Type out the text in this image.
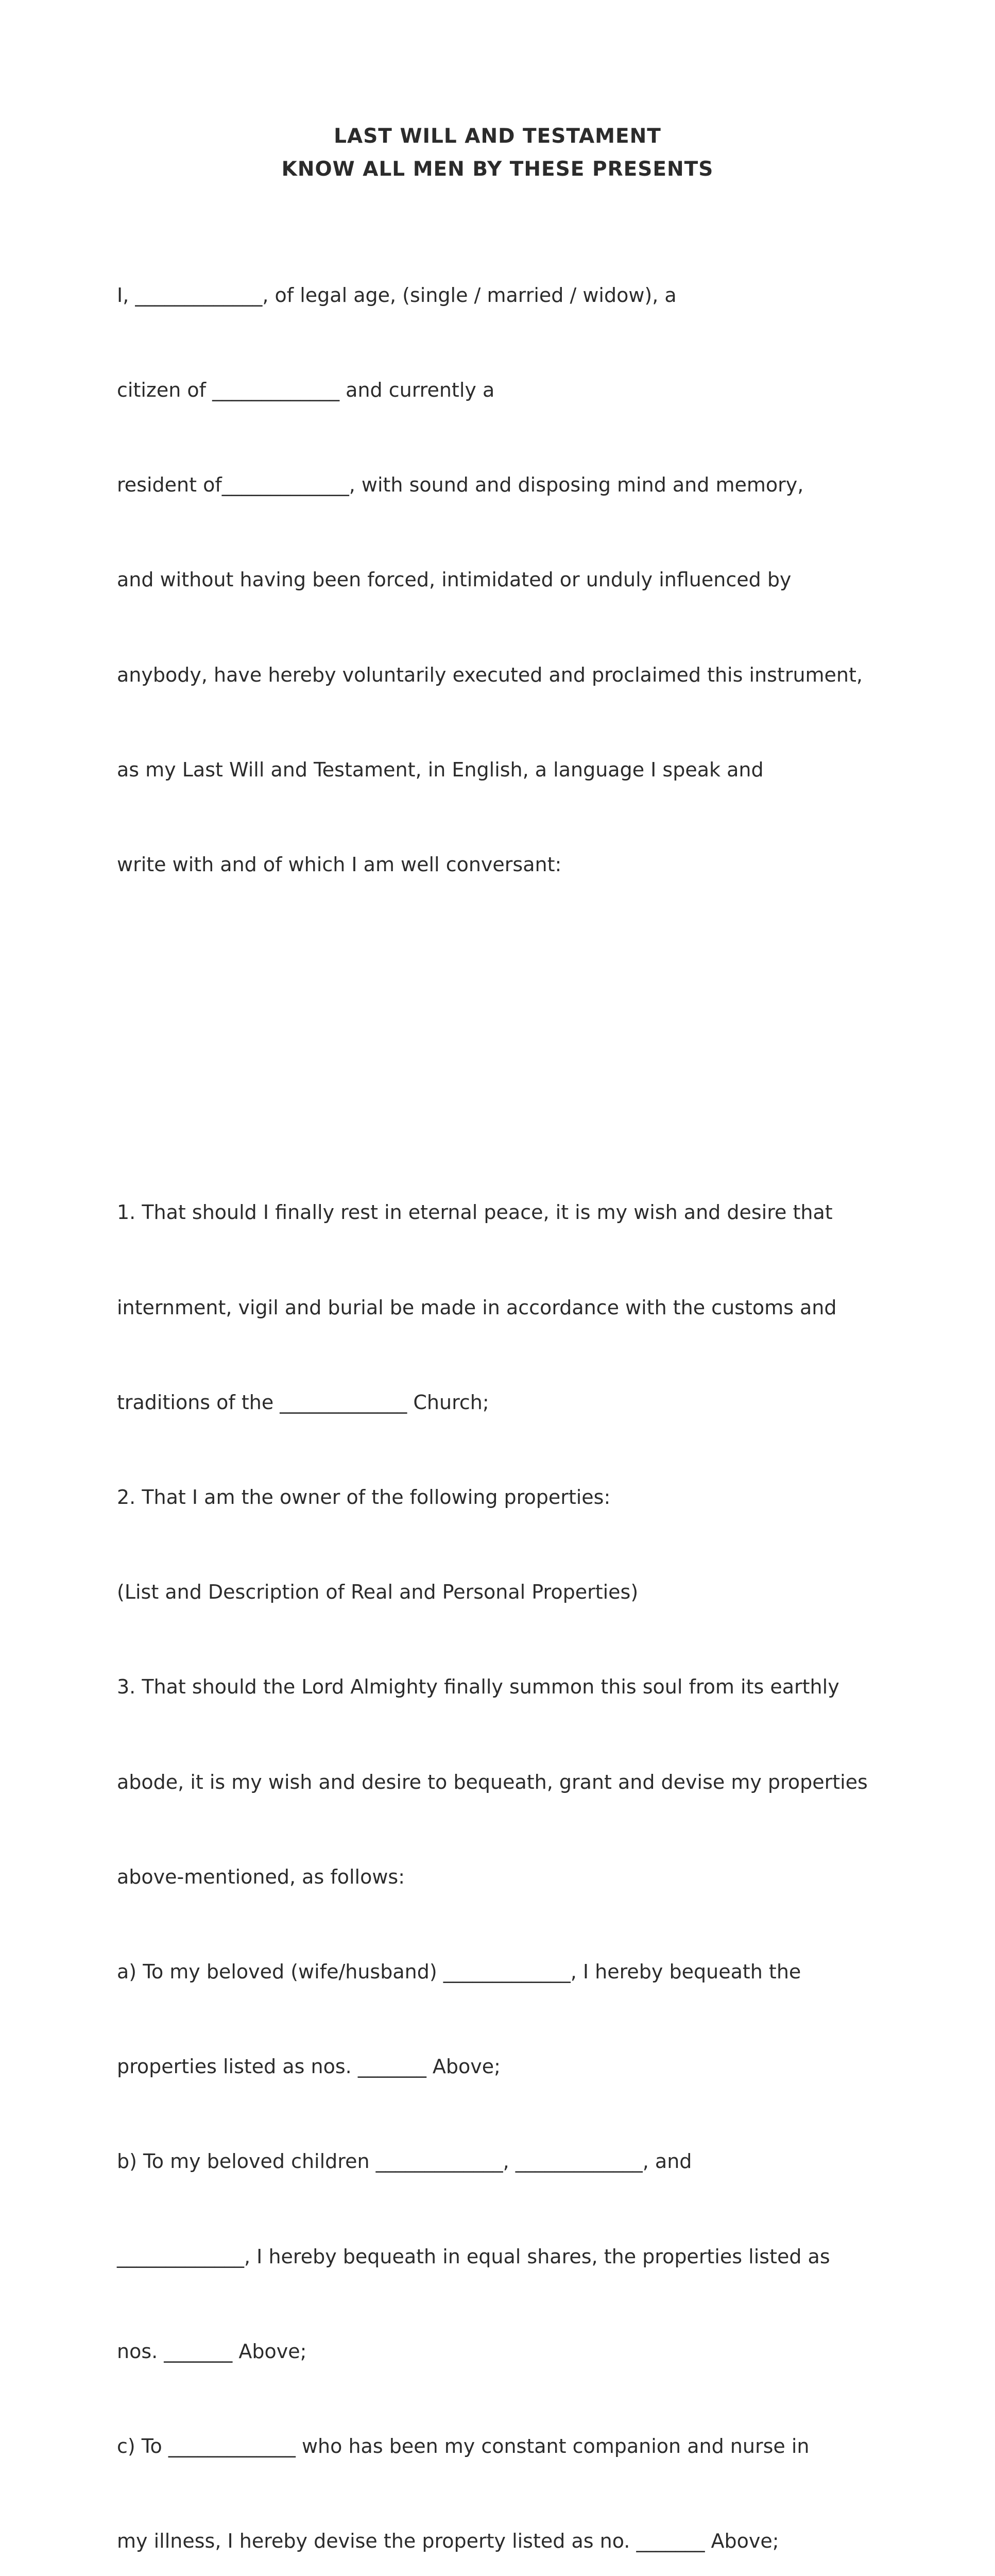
LAST WILL AND TESTAMENT
KNOW ALL MEN BY THESE PRESENTS

I, _____________, of legal age, (single / married / widow), a

citizen of _____________ and currently a

resident of_____________, with sound and disposing mind and memory,

and without having been forced, intimidated or unduly influenced by

anybody, have hereby voluntarily executed and proclaimed this instrument,

as my Last Will and Testament, in English, a language I speak and

write with and of which I am well conversant:

1. That should I finally rest in eternal peace, it is my wish and desire that

internment, vigil and burial be made in accordance with the customs and

traditions of the _____________ Church;

2. That I am the owner of the following properties:

(List and Description of Real and Personal Properties)

3. That should the Lord Almighty finally summon this soul from its earthly

abode, it is my wish and desire to bequeath, grant and devise my properties

above-mentioned, as follows:

a) To my beloved (wife/husband) _____________, I hereby bequeath the

properties listed as nos. _______ Above;

b) To my beloved children _____________, _____________, and

_____________, I hereby bequeath in equal shares, the properties listed as

nos. _______ Above;

c) To _____________ who has been my constant companion and nurse in

my illness, I hereby devise the property listed as no. _______ Above;
